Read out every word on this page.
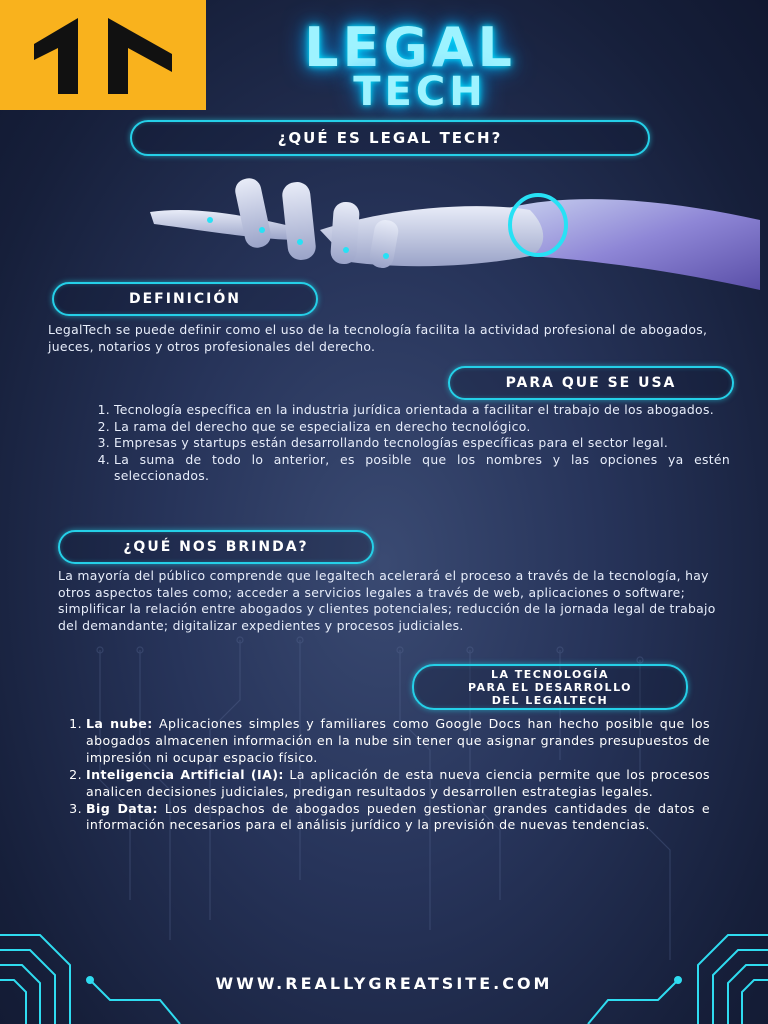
LEGAL
TECH
¿QUÉ ES LEGAL TECH?
DEFINICIÓN
LegalTech se puede definir como el uso de la tecnología facilita la actividad profesional de abogados, jueces, notarios y otros profesionales del derecho.
PARA QUE SE USA
1. Tecnología específica en la industria jurídica orientada a facilitar el trabajo de los abogados.
2. La rama del derecho que se especializa en derecho tecnológico.
3. Empresas y startups están desarrollando tecnologías específicas para el sector legal.
4. La suma de todo lo anterior, es posible que los nombres y las opciones ya estén seleccionados.
¿QUÉ NOS BRINDA?
La mayoría del público comprende que legaltech acelerará el proceso a través de la tecnología, hay otros aspectos tales como; acceder a servicios legales a través de web, aplicaciones o software; simplificar la relación entre abogados y clientes potenciales; reducción de la jornada legal de trabajo del demandante; digitalizar expedientes y procesos judiciales.
LA TECNOLOGÍA
PARA EL DESARROLLO
DEL LEGALTECH
1. La nube: Aplicaciones simples y familiares como Google Docs han hecho posible que los abogados almacenen información en la nube sin tener que asignar grandes presupuestos de impresión ni ocupar espacio físico.
2. Inteligencia Artificial (IA): La aplicación de esta nueva ciencia permite que los procesos analicen decisiones judiciales, predigan resultados y desarrollen estrategias legales.
3. Big Data: Los despachos de abogados pueden gestionar grandes cantidades de datos e información necesarios para el análisis jurídico y la previsión de nuevas tendencias.
WWW.REALLYGREATSITE.COM
